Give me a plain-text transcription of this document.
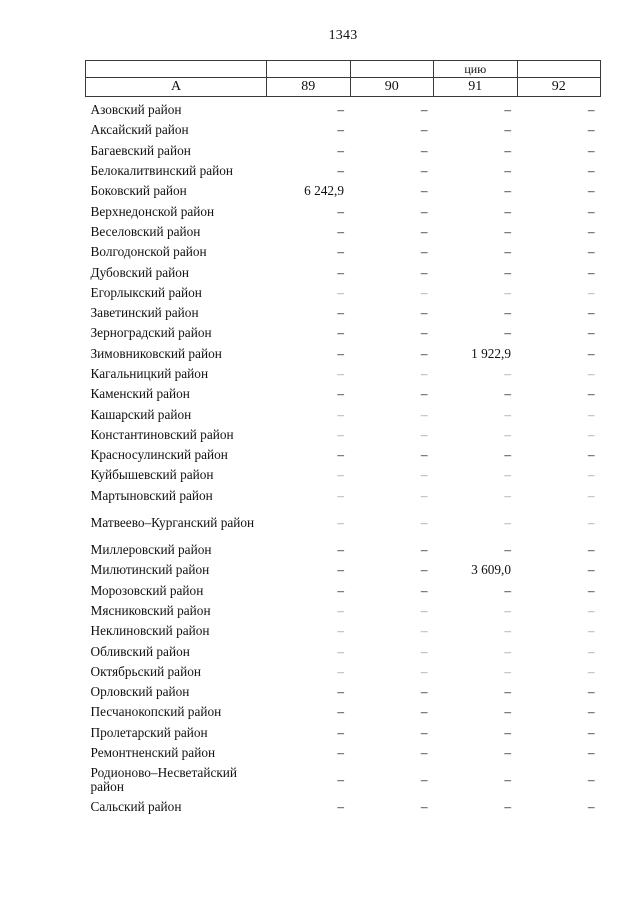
1343
			цию	
А	89	90	91	92
Азовский район	–	–	–	–
Аксайский район	–	–	–	–
Багаевский район	–	–	–	–
Белокалитвинский район	–	–	–	–
Боковский район	6 242,9	–	–	–
Верхнедонской район	–	–	–	–
Веселовский район	–	–	–	–
Волгодонской район	–	–	–	–
Дубовский район	–	–	–	–
Егорлыкский район	–	–	–	–
Заветинский район	–	–	–	–
Зерноградский район	–	–	–	–
Зимовниковский район	–	–	1 922,9	–
Кагальницкий район	–	–	–	–
Каменский район	–	–	–	–
Кашарский район	–	–	–	–
Константиновский район	–	–	–	–
Красносулинский район	–	–	–	–
Куйбышевский район	–	–	–	–
Мартыновский район	–	–	–	–
Матвеево–Курганский район	–	–	–	–
Миллеровский район	–	–	–	–
Милютинский район	–	–	3 609,0	–
Морозовский район	–	–	–	–
Мясниковский район	–	–	–	–
Неклиновский район	–	–	–	–
Обливский район	–	–	–	–
Октябрьский район	–	–	–	–
Орловский район	–	–	–	–
Песчанокопский район	–	–	–	–
Пролетарский район	–	–	–	–
Ремонтненский район	–	–	–	–
Родионово–Несветайский район	–	–	–	–
Сальский район	–	–	–	–
